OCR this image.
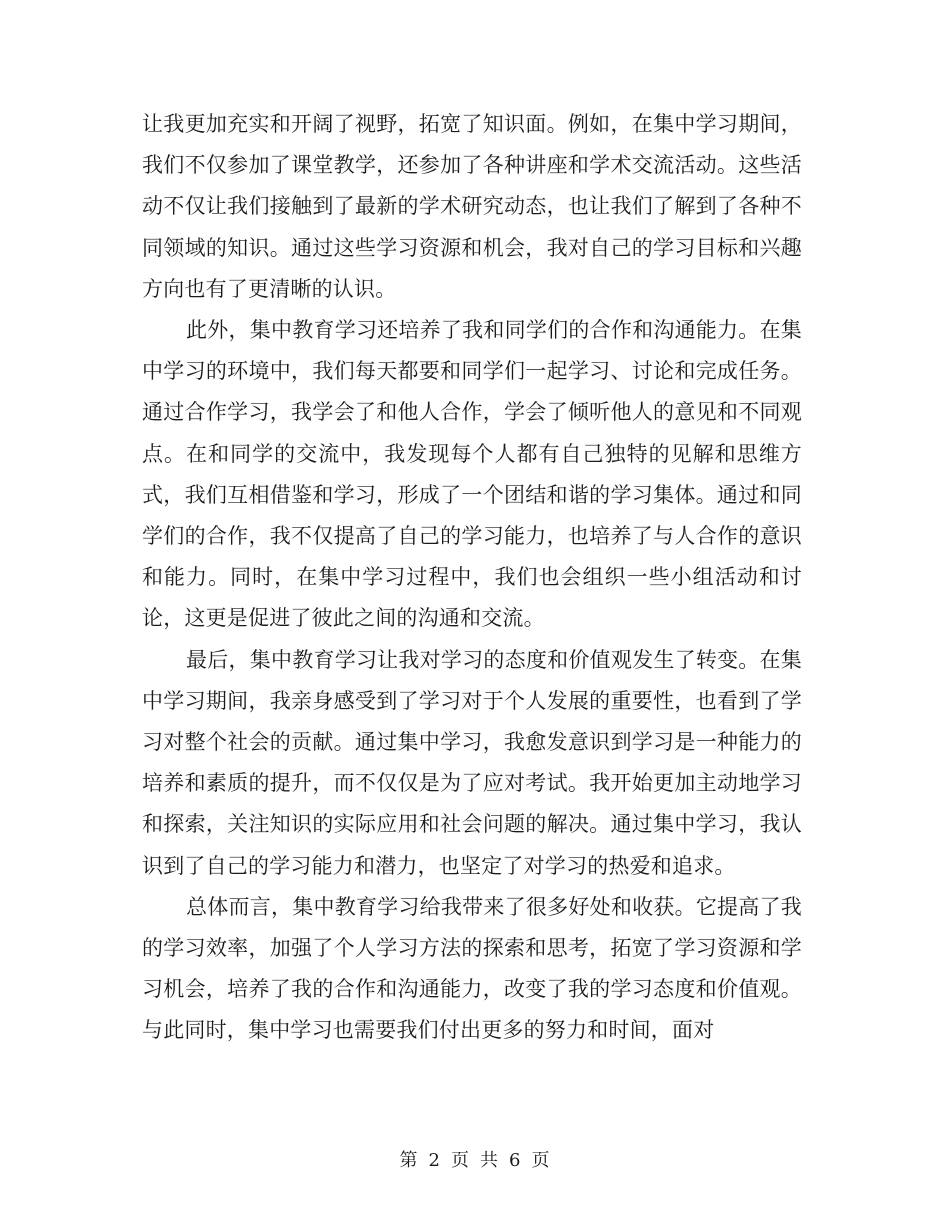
让我更加充实和开阔了视野，拓宽了知识面。例如，在集中学习期间，我们不仅参加了课堂教学，还参加了各种讲座和学术交流活动。这些活动不仅让我们接触到了最新的学术研究动态，也让我们了解到了各种不同领域的知识。通过这些学习资源和机会，我对自己的学习目标和兴趣方向也有了更清晰的认识。

此外，集中教育学习还培养了我和同学们的合作和沟通能力。在集中学习的环境中，我们每天都要和同学们一起学习、讨论和完成任务。通过合作学习，我学会了和他人合作，学会了倾听他人的意见和不同观点。在和同学的交流中，我发现每个人都有自己独特的见解和思维方式，我们互相借鉴和学习，形成了一个团结和谐的学习集体。通过和同学们的合作，我不仅提高了自己的学习能力，也培养了与人合作的意识和能力。同时，在集中学习过程中，我们也会组织一些小组活动和讨论，这更是促进了彼此之间的沟通和交流。

最后，集中教育学习让我对学习的态度和价值观发生了转变。在集中学习期间，我亲身感受到了学习对于个人发展的重要性，也看到了学习对整个社会的贡献。通过集中学习，我愈发意识到学习是一种能力的培养和素质的提升，而不仅仅是为了应对考试。我开始更加主动地学习和探索，关注知识的实际应用和社会问题的解决。通过集中学习，我认识到了自己的学习能力和潜力，也坚定了对学习的热爱和追求。

总体而言，集中教育学习给我带来了很多好处和收获。它提高了我的学习效率，加强了个人学习方法的探索和思考，拓宽了学习资源和学习机会，培养了我的合作和沟通能力，改变了我的学习态度和价值观。与此同时，集中学习也需要我们付出更多的努力和时间，面对

第 2 页 共 6 页
